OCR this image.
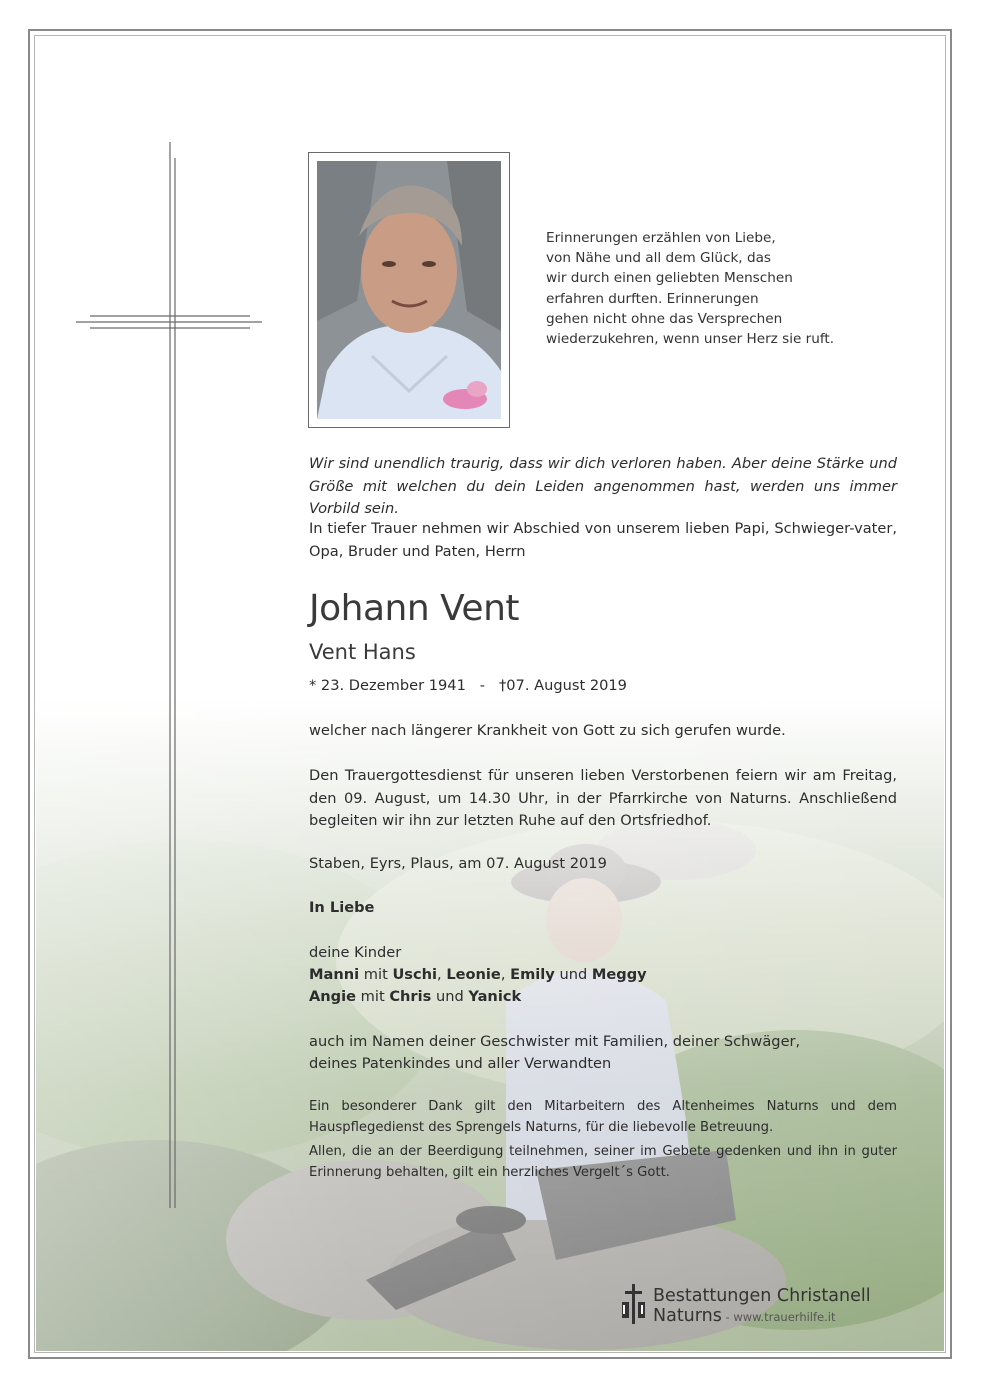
Erinnerungen erzählen von Liebe,
von Nähe und all dem Glück, das
wir durch einen geliebten Menschen
erfahren durften. Erinnerungen
gehen nicht ohne das Versprechen
wiederzukehren, wenn unser Herz sie ruft.
Wir sind unendlich traurig, dass wir dich verloren haben. Aber deine Stärke und Größe mit welchen du dein Leiden angenommen hast, werden uns immer Vorbild sein.
In tiefer Trauer nehmen wir Abschied von unserem lieben Papi, Schwieger-vater, Opa, Bruder und Paten, Herrn
Johann Vent
Vent Hans
* 23. Dezember 1941   -   †07. August 2019
welcher nach längerer Krankheit von Gott zu sich gerufen wurde.
Den Trauergottesdienst für unseren lieben Verstorbenen feiern wir am Freitag, den 09. August, um 14.30 Uhr, in der Pfarrkirche von Naturns. Anschließend begleiten wir ihn zur letzten Ruhe auf den Ortsfriedhof.
Staben, Eyrs, Plaus, am 07. August 2019
In Liebe
deine Kinder
Manni mit Uschi, Leonie, Emily und Meggy
Angie mit Chris und Yanick
auch im Namen deiner Geschwister mit Familien, deiner Schwäger,
deines Patenkindes und aller Verwandten
Ein besonderer Dank gilt den Mitarbeitern des Altenheimes Naturns und dem Hauspflegedienst des Sprengels Naturns, für die liebevolle Betreuung.
Allen, die an der Beerdigung teilnehmen, seiner im Gebete gedenken und ihn in guter Erinnerung behalten, gilt ein herzliches Vergelt´s Gott.
Bestattungen Christanell
Naturns - www.trauerhilfe.it
